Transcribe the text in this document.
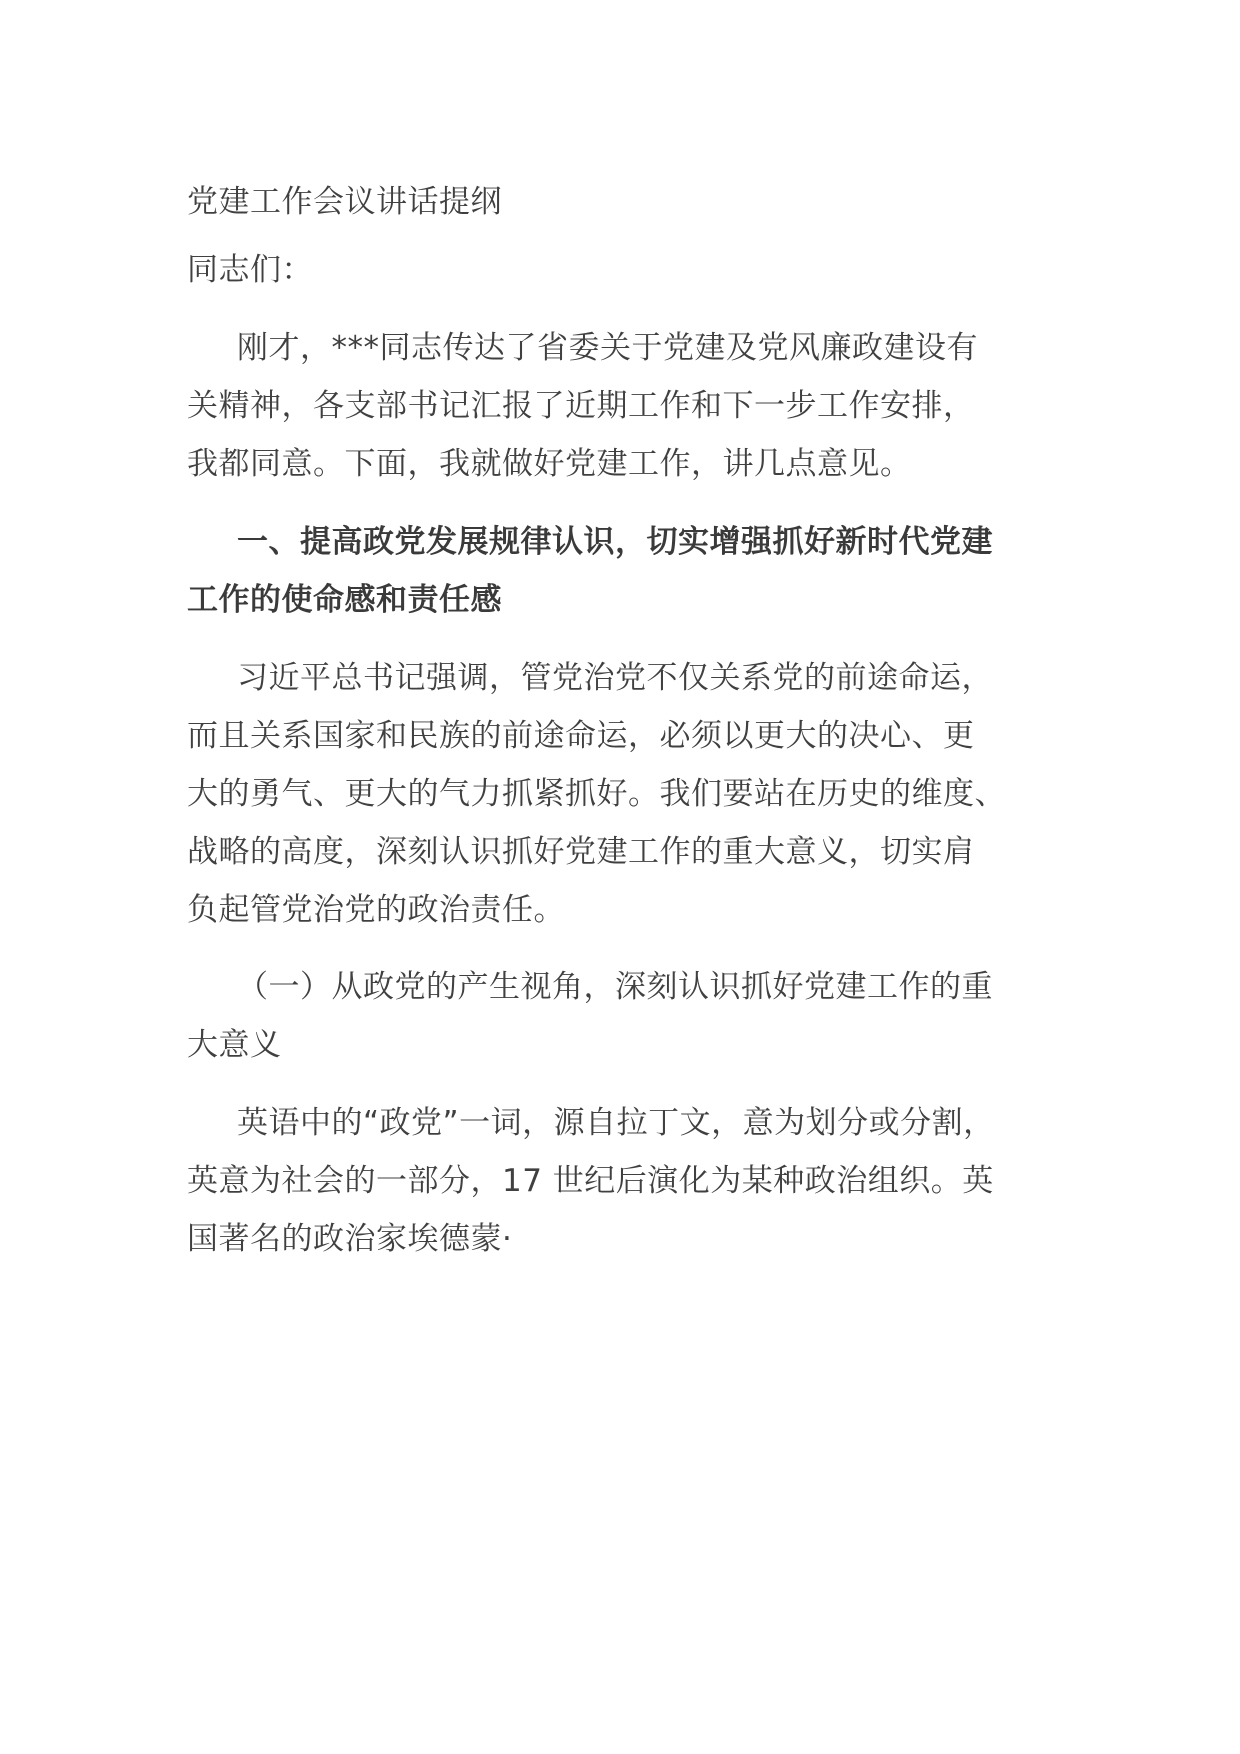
党建工作会议讲话提纲
同志们：
刚才，***同志传达了省委关于党建及党风廉政建设有
关精神，各支部书记汇报了近期工作和下一步工作安排，
我都同意。下面，我就做好党建工作，讲几点意见。
一、提高政党发展规律认识，切实增强抓好新时代党建
工作的使命感和责任感
习近平总书记强调，管党治党不仅关系党的前途命运，
而且关系国家和民族的前途命运，必须以更大的决心、更
大的勇气、更大的气力抓紧抓好。我们要站在历史的维度、
战略的高度，深刻认识抓好党建工作的重大意义，切实肩
负起管党治党的政治责任。
（一）从政党的产生视角，深刻认识抓好党建工作的重
大意义
英语中的“政党”一词，源自拉丁文，意为划分或分割，
英意为社会的一部分，17 世纪后演化为某种政治组织。英
国著名的政治家埃德蒙·
